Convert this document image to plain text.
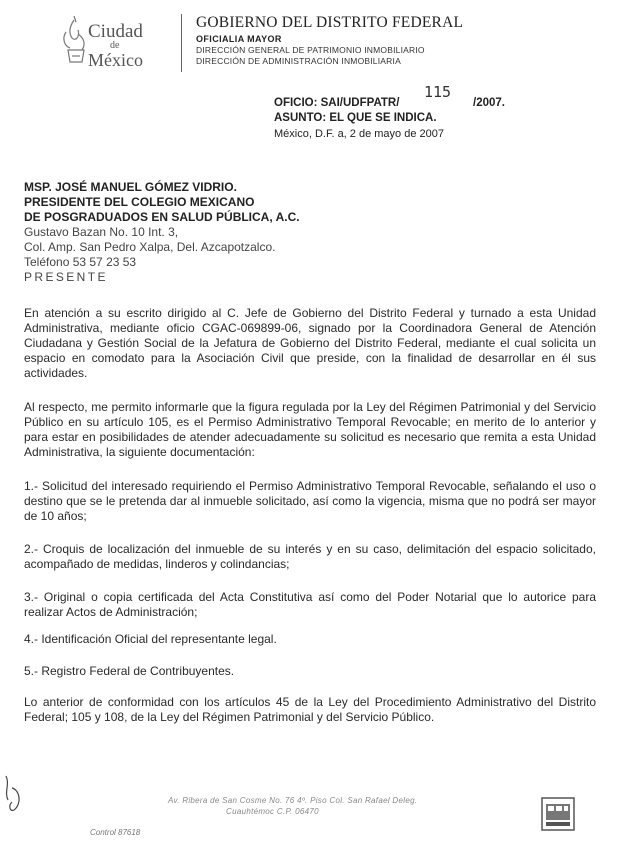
Ciudad
de
México
GOBIERNO DEL DISTRITO FEDERAL
OFICIALIA MAYOR
DIRECCIÓN GENERAL DE PATRIMONIO INMOBILIARIO
DIRECCIÓN DE ADMINISTRACIÓN INMOBILIARIA
OFICIO: SAI/UDFPATR/
115
/2007.
ASUNTO: EL QUE SE INDICA.
México, D.F. a, 2 de mayo de 2007
MSP. JOSÉ MANUEL GÓMEZ VIDRIO.
PRESIDENTE DEL COLEGIO MEXICANO
DE POSGRADUADOS EN SALUD PÚBLICA, A.C.
Gustavo Bazan No. 10 Int. 3,
Col. Amp. San Pedro Xalpa, Del. Azcapotzalco.
Teléfono 53 57 23 53
PRESENTE

En atención a su escrito dirigido al C. Jefe de Gobierno del Distrito Federal y turnado a esta Unidad Administrativa, mediante oficio CGAC-069899-06, signado por la Coordinadora General de Atención Ciudadana y Gestión Social de la Jefatura de Gobierno del Distrito Federal, mediante el cual solicita un espacio en comodato para la Asociación Civil que preside, con la finalidad de desarrollar en él sus actividades.

Al respecto, me permito informarle que la figura regulada por la Ley del Régimen Patrimonial y del Servicio Público en su artículo 105, es el Permiso Administrativo Temporal Revocable; en merito de lo anterior y para estar en posibilidades de atender adecuadamente su solicitud es necesario que remita a esta Unidad Administrativa, la siguiente documentación:

1.- Solicitud del interesado requiriendo el Permiso Administrativo Temporal Revocable, señalando el uso o destino que se le pretenda dar al inmueble solicitado, así como la vigencia, misma que no podrá ser mayor de 10 años;

2.- Croquis de localización del inmueble de su interés y en su caso, delimitación del espacio solicitado, acompañado de medidas, linderos y colindancias;

3.- Original o copia certificada del Acta Constitutiva así como del Poder Notarial que lo autorice para realizar Actos de Administración;

4.- Identificación Oficial del representante legal.

5.- Registro Federal de Contribuyentes.

Lo anterior de conformidad con los artículos 45 de la Ley del Procedimiento Administrativo del Distrito Federal; 105 y 108, de la Ley del Régimen Patrimonial y del Servicio Público.

Av. Ribera de San Cosme No. 76 4º. Piso Col. San Rafael Deleg.
Cuauhtémoc C.P. 06470
Control 87618
